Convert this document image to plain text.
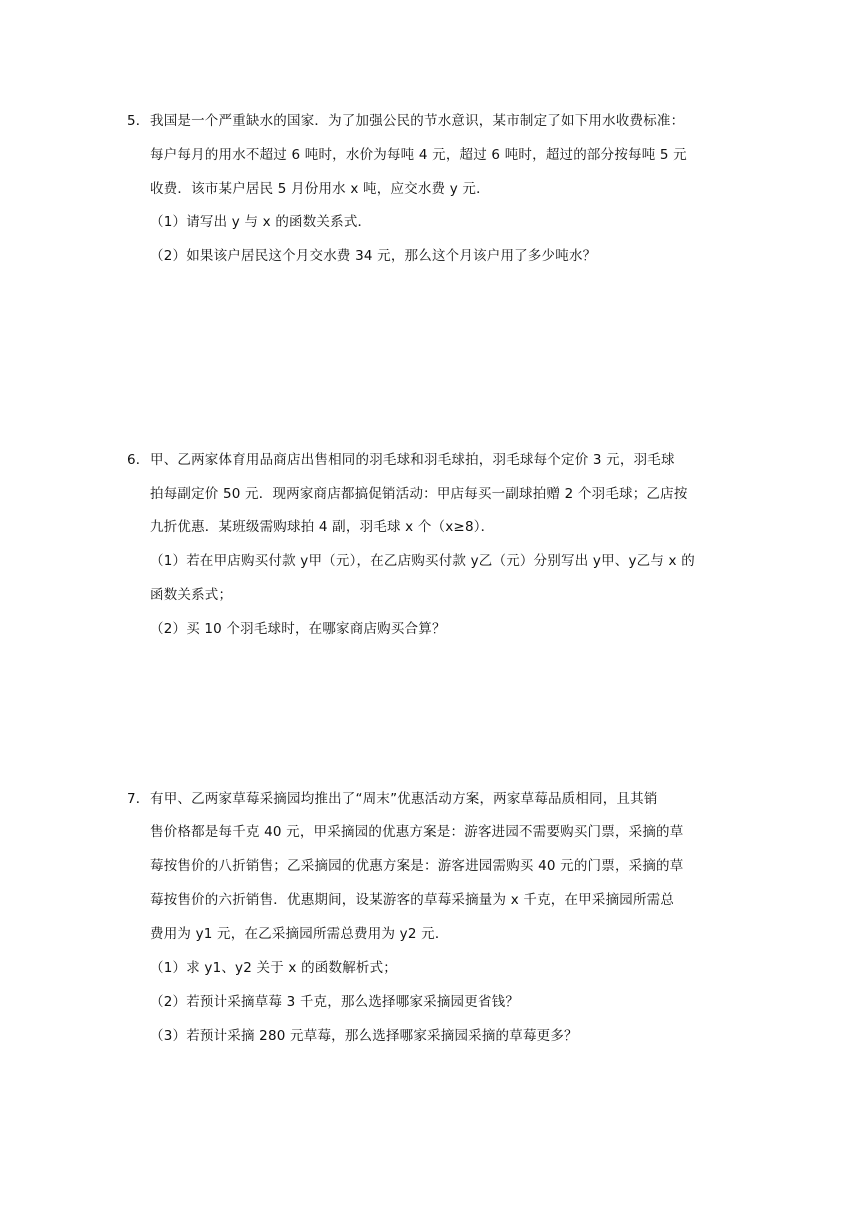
5． 我国是一个严重缺水的国家．为了加强公民的节水意识，某市制定了如下用水收费标准：
每户每月的用水不超过 6 吨时，水价为每吨 4 元，超过 6 吨时，超过的部分按每吨 5 元
收费．该市某户居民 5 月份用水 x 吨，应交水费 y 元．
（1）请写出 y 与 x 的函数关系式．
（2）如果该户居民这个月交水费 34 元，那么这个月该户用了多少吨水？
6． 甲、乙两家体育用品商店出售相同的羽毛球和羽毛球拍，羽毛球每个定价 3 元，羽毛球
拍每副定价 50 元．现两家商店都搞促销活动：甲店每买一副球拍赠 2 个羽毛球；乙店按
九折优惠．某班级需购球拍 4 副，羽毛球 x 个（x≥8）．
（1）若在甲店购买付款 y甲（元），在乙店购买付款 y乙（元）分别写出 y甲、y乙与 x 的
函数关系式；
（2）买 10 个羽毛球时，在哪家商店购买合算？
7． 有甲、乙两家草莓采摘园均推出了“周末”优惠活动方案，两家草莓品质相同，且其销
售价格都是每千克 40 元，甲采摘园的优惠方案是：游客进园不需要购买门票，采摘的草
莓按售价的八折销售；乙采摘园的优惠方案是：游客进园需购买 40 元的门票，采摘的草
莓按售价的六折销售．优惠期间，设某游客的草莓采摘量为 x 千克，在甲采摘园所需总
费用为 y1 元，在乙采摘园所需总费用为 y2 元．
（1）求 y1、y2 关于 x 的函数解析式；
（2）若预计采摘草莓 3 千克，那么选择哪家采摘园更省钱？
（3）若预计采摘 280 元草莓，那么选择哪家采摘园采摘的草莓更多？
